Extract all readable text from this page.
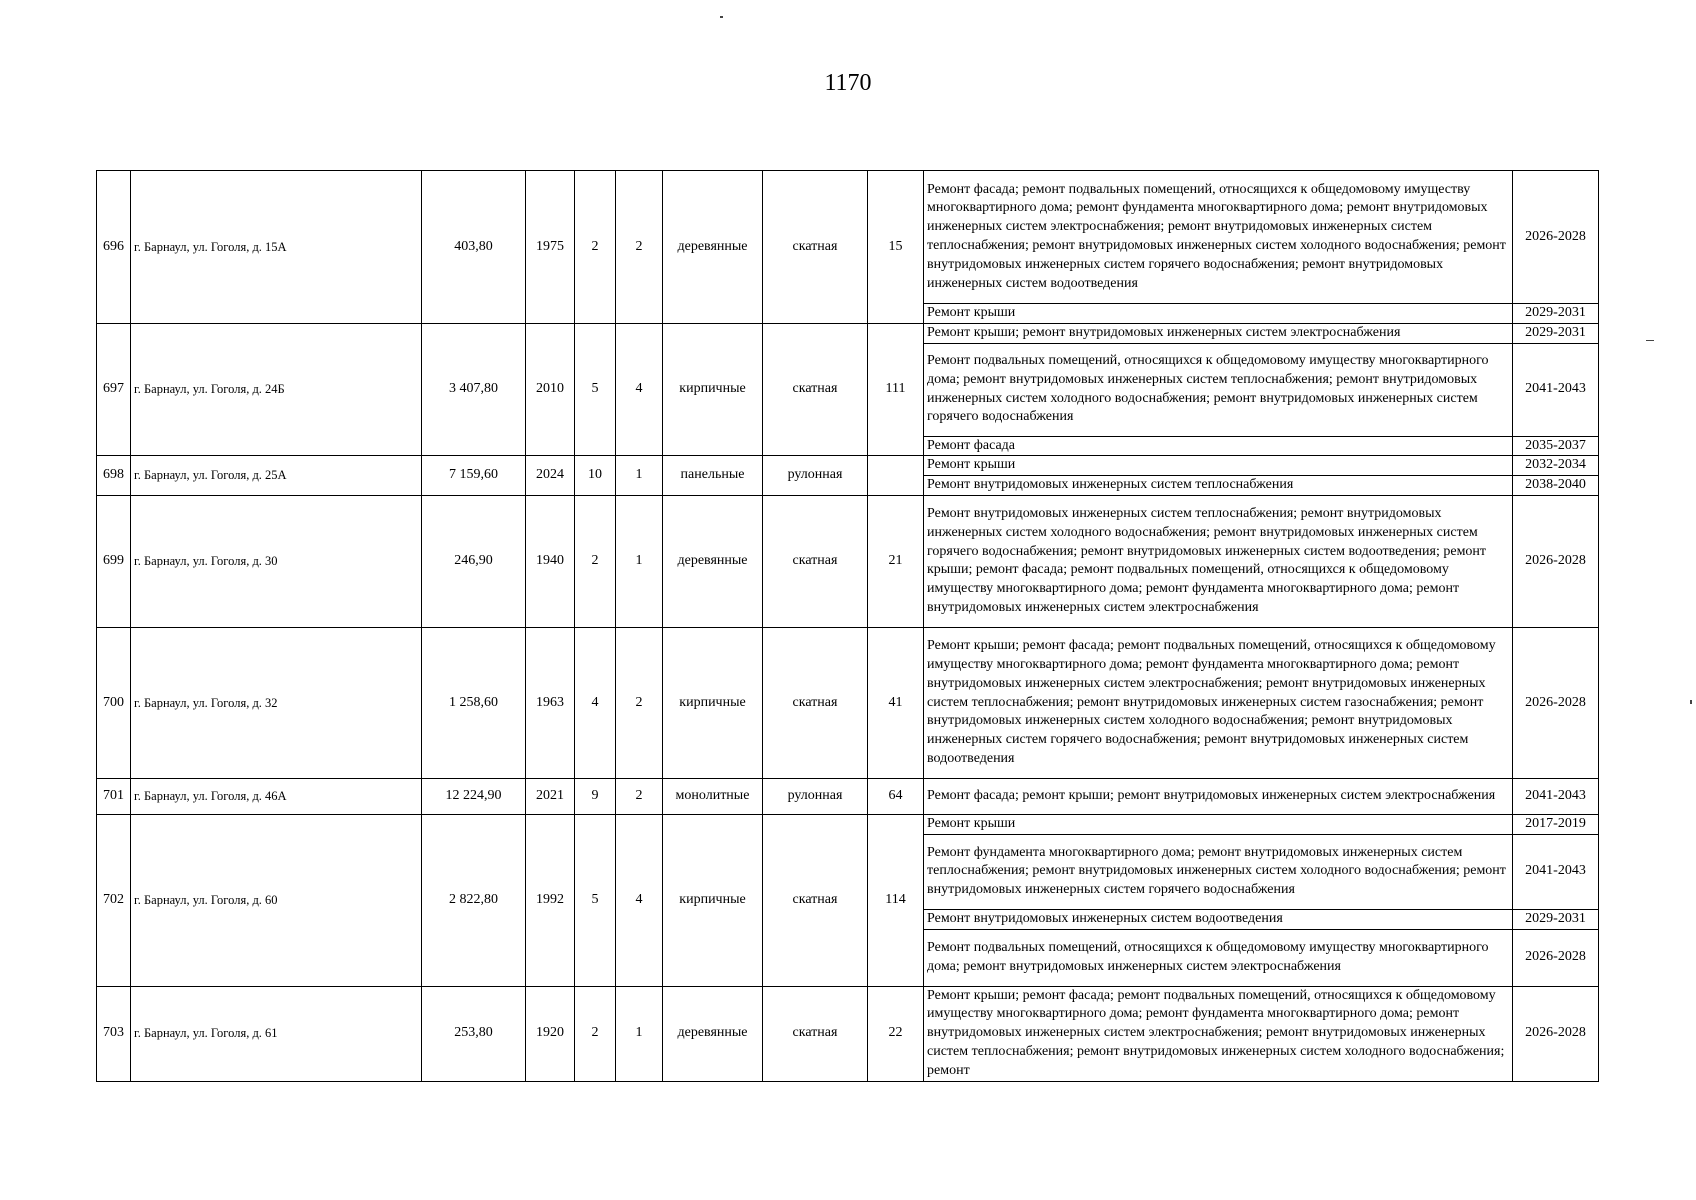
1170
696	г. Барнаул, ул. Гоголя, д. 15А	403,80	1975	2	2	деревянные	скатная	15	Ремонт фасада; ремонт подвальных помещений, относящихся к общедомовому имуществу многоквартирного дома; ремонт фундамента многоквартирного дома; ремонт внутридомовых инженерных систем электроснабжения; ремонт внутридомовых инженерных систем теплоснабжения; ремонт внутридомовых инженерных систем холодного водоснабжения; ремонт внутридомовых инженерных систем горячего водоснабжения; ремонт внутридомовых инженерных систем водоотведения	2026-2028
									Ремонт крыши	2029-2031
697	г. Барнаул, ул. Гоголя, д. 24Б	3 407,80	2010	5	4	кирпичные	скатная	111	Ремонт крыши; ремонт внутридомовых инженерных систем электроснабжения	2029-2031
									Ремонт подвальных помещений, относящихся к общедомовому имуществу многоквартирного дома; ремонт внутридомовых инженерных систем теплоснабжения; ремонт внутридомовых инженерных систем холодного водоснабжения; ремонт внутридомовых инженерных систем горячего водоснабжения	2041-2043
									Ремонт фасада	2035-2037
698	г. Барнаул, ул. Гоголя, д. 25А	7 159,60	2024	10	1	панельные	рулонная		Ремонт крыши	2032-2034
									Ремонт внутридомовых инженерных систем теплоснабжения	2038-2040
699	г. Барнаул, ул. Гоголя, д. 30	246,90	1940	2	1	деревянные	скатная	21	Ремонт внутридомовых инженерных систем теплоснабжения; ремонт внутридомовых инженерных систем холодного водоснабжения; ремонт внутридомовых инженерных систем горячего водоснабжения; ремонт внутридомовых инженерных систем водоотведения; ремонт крыши; ремонт фасада; ремонт подвальных помещений, относящихся к общедомовому имуществу многоквартирного дома; ремонт фундамента многоквартирного дома; ремонт внутридомовых инженерных систем электроснабжения	2026-2028
700	г. Барнаул, ул. Гоголя, д. 32	1 258,60	1963	4	2	кирпичные	скатная	41	Ремонт крыши; ремонт фасада; ремонт подвальных помещений, относящихся к общедомовому имуществу многоквартирного дома; ремонт фундамента многоквартирного дома; ремонт внутридомовых инженерных систем электроснабжения; ремонт внутридомовых инженерных систем теплоснабжения; ремонт внутридомовых инженерных систем газоснабжения; ремонт внутридомовых инженерных систем холодного водоснабжения; ремонт внутридомовых инженерных систем горячего водоснабжения; ремонт внутридомовых инженерных систем водоотведения	2026-2028
701	г. Барнаул, ул. Гоголя, д. 46А	12 224,90	2021	9	2	монолитные	рулонная	64	Ремонт фасада; ремонт крыши; ремонт внутридомовых инженерных систем электроснабжения	2041-2043
702	г. Барнаул, ул. Гоголя, д. 60	2 822,80	1992	5	4	кирпичные	скатная	114	Ремонт крыши	2017-2019
									Ремонт фундамента многоквартирного дома; ремонт внутридомовых инженерных систем теплоснабжения; ремонт внутридомовых инженерных систем холодного водоснабжения; ремонт внутридомовых инженерных систем горячего водоснабжения	2041-2043
									Ремонт внутридомовых инженерных систем водоотведения	2029-2031
									Ремонт подвальных помещений, относящихся к общедомовому имуществу многоквартирного дома; ремонт внутридомовых инженерных систем электроснабжения	2026-2028
703	г. Барнаул, ул. Гоголя, д. 61	253,80	1920	2	1	деревянные	скатная	22	Ремонт крыши; ремонт фасада; ремонт подвальных помещений, относящихся к общедомовому имуществу многоквартирного дома; ремонт фундамента многоквартирного дома; ремонт внутридомовых инженерных систем электроснабжения; ремонт внутридомовых инженерных систем теплоснабжения; ремонт внутридомовых инженерных систем холодного водоснабжения; ремонт	2026-2028
